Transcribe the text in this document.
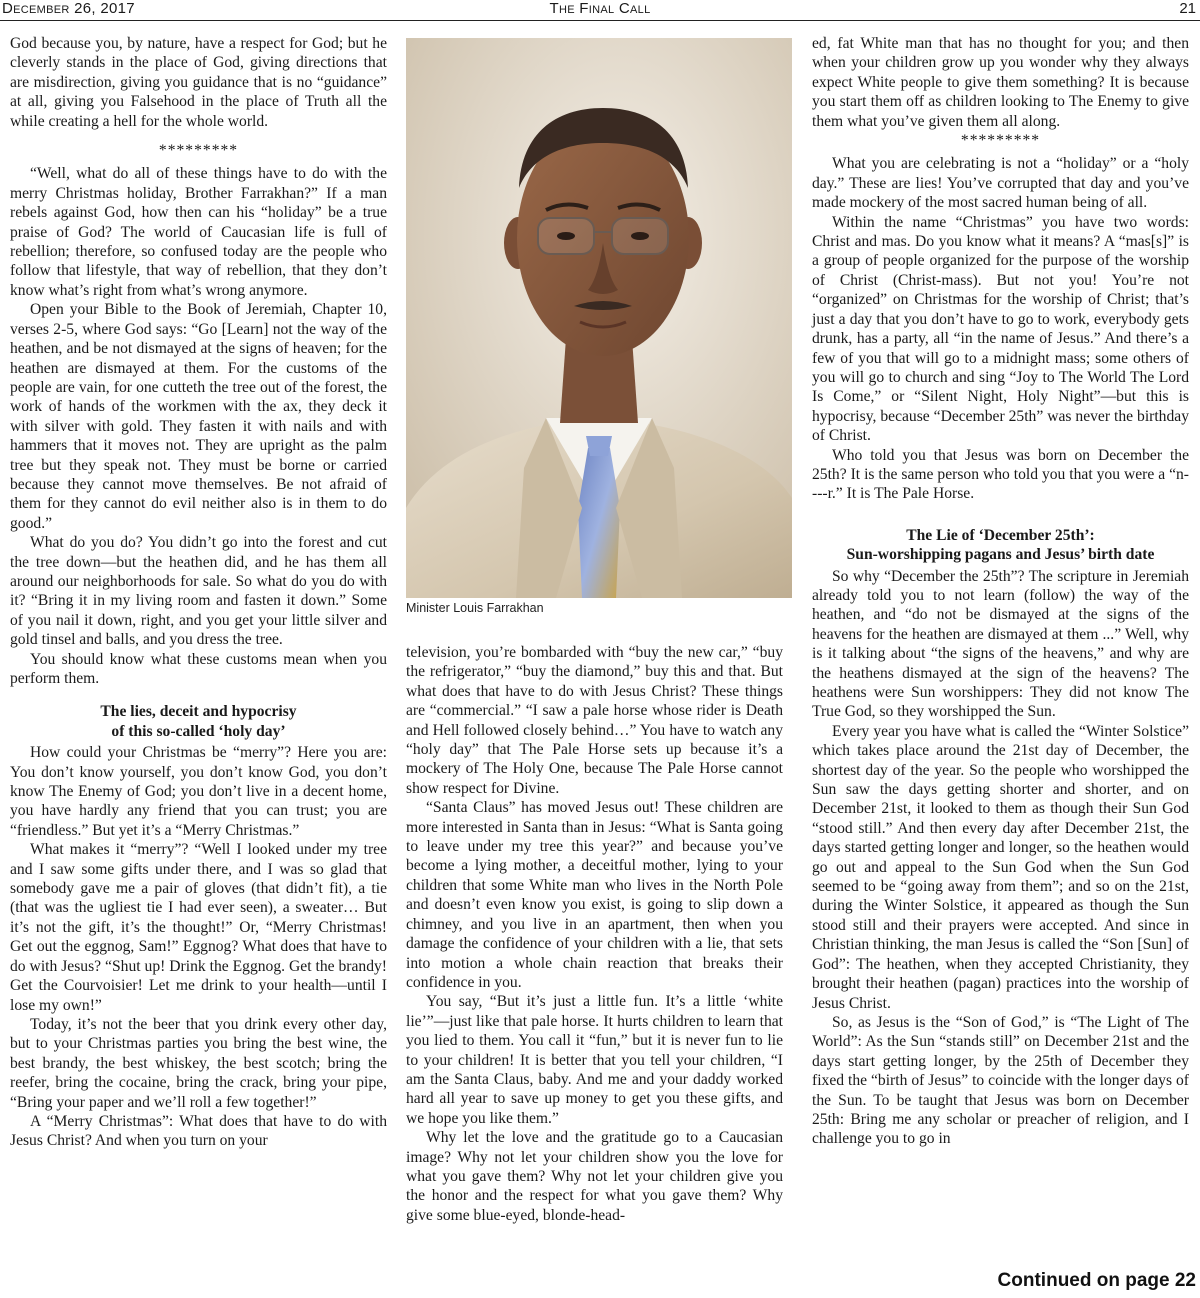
December 26, 2017	The Final Call	21

God because you, by nature, have a respect for God; but he cleverly stands in the place of God, giving directions that are misdirection, giving you guidance that is no “guidance” at all, giving you Falsehood in the place of Truth all the while creating a hell for the whole world.

*********

“Well, what do all of these things have to do with the merry Christmas holiday, Brother Farrakhan?” If a man rebels against God, how then can his “holiday” be a true praise of God? The world of Caucasian life is full of rebellion; therefore, so confused today are the people who follow that lifestyle, that way of rebellion, that they don’t know what’s right from what’s wrong anymore.

Open your Bible to the Book of Jeremiah, Chapter 10, verses 2-5, where God says: “Go [Learn] not the way of the heathen, and be not dismayed at the signs of heaven; for the heathen are dismayed at them. For the customs of the people are vain, for one cutteth the tree out of the forest, the work of hands of the workmen with the ax, they deck it with silver with gold. They fasten it with nails and with hammers that it moves not. They are upright as the palm tree but they speak not. They must be borne or carried because they cannot move themselves. Be not afraid of them for they cannot do evil neither also is in them to do good.”

What do you do? You didn’t go into the forest and cut the tree down—but the heathen did, and he has them all around our neighborhoods for sale. So what do you do with it? “Bring it in my living room and fasten it down.” Some of you nail it down, right, and you get your little silver and gold tinsel and balls, and you dress the tree.

You should know what these customs mean when you perform them.

The lies, deceit and hypocrisy
of this so-called ‘holy day’

How could your Christmas be “merry”? Here you are: You don’t know yourself, you don’t know God, you don’t know The Enemy of God; you don’t live in a decent home, you have hardly any friend that you can trust; you are “friendless.” But yet it’s a “Merry Christmas.”

What makes it “merry”? “Well I looked under my tree and I saw some gifts under there, and I was so glad that somebody gave me a pair of gloves (that didn’t fit), a tie (that was the ugliest tie I had ever seen), a sweater… But it’s not the gift, it’s the thought!” Or, “Merry Christmas! Get out the eggnog, Sam!” Eggnog? What does that have to do with Jesus? “Shut up! Drink the Eggnog. Get the brandy! Get the Courvoisier! Let me drink to your health—until I lose my own!”

Today, it’s not the beer that you drink every other day, but to your Christmas parties you bring the best wine, the best brandy, the best whiskey, the best scotch; bring the reefer, bring the cocaine, bring the crack, bring your pipe, “Bring your paper and we’ll roll a few together!”

A “Merry Christmas”: What does that have to do with Jesus Christ? And when you turn on your

Minister Louis Farrakhan

television, you’re bombarded with “buy the new car,” “buy the refrigerator,” “buy the diamond,” buy this and that. But what does that have to do with Jesus Christ? These things are “commercial.” “I saw a pale horse whose rider is Death and Hell followed closely behind…” You have to watch any “holy day” that The Pale Horse sets up because it’s a mockery of The Holy One, because The Pale Horse cannot show respect for Divine.

“Santa Claus” has moved Jesus out! These children are more interested in Santa than in Jesus: “What is Santa going to leave under my tree this year?” and because you’ve become a lying mother, a deceitful mother, lying to your children that some White man who lives in the North Pole and doesn’t even know you exist, is going to slip down a chimney, and you live in an apartment, then when you damage the confidence of your children with a lie, that sets into motion a whole chain reaction that breaks their confidence in you.

You say, “But it’s just a little fun. It’s a little ‘white lie’”—just like that pale horse. It hurts children to learn that you lied to them. You call it “fun,” but it is never fun to lie to your children! It is better that you tell your children, “I am the Santa Claus, baby. And me and your daddy worked hard all year to save up money to get you these gifts, and we hope you like them.”

Why let the love and the gratitude go to a Caucasian image? Why not let your children show you the love for what you gave them? Why not let your children give you the honor and the respect for what you gave them? Why give some blue-eyed, blonde-head-

ed, fat White man that has no thought for you; and then when your children grow up you wonder why they always expect White people to give them something? It is because you start them off as children looking to The Enemy to give them what you’ve given them all along.

*********

What you are celebrating is not a “holiday” or a “holy day.” These are lies! You’ve corrupted that day and you’ve made mockery of the most sacred human being of all.

Within the name “Christmas” you have two words: Christ and mas. Do you know what it means? A “mas[s]” is a group of people organized for the purpose of the worship of Christ (Christ-mass). But not you! You’re not “organized” on Christmas for the worship of Christ; that’s just a day that you don’t have to go to work, everybody gets drunk, has a party, all “in the name of Jesus.” And there’s a few of you that will go to a midnight mass; some others of you will go to church and sing “Joy to The World The Lord Is Come,” or “Silent Night, Holy Night”—but this is hypocrisy, because “December 25th” was never the birthday of Christ.

Who told you that Jesus was born on December the 25th? It is the same person who told you that you were a “n----r.” It is The Pale Horse.

The Lie of ‘December 25th’:
Sun-worshipping pagans and Jesus’ birth date

So why “December the 25th”? The scripture in Jeremiah already told you to not learn (follow) the way of the heathen, and “do not be dismayed at the signs of the heavens for the heathen are dismayed at them ...” Well, why is it talking about “the signs of the heavens,” and why are the heathens dismayed at the sign of the heavens? The heathens were Sun worshippers: They did not know The True God, so they worshipped the Sun.

Every year you have what is called the “Winter Solstice” which takes place around the 21st day of December, the shortest day of the year. So the people who worshipped the Sun saw the days getting shorter and shorter, and on December 21st, it looked to them as though their Sun God “stood still.” And then every day after December 21st, the days started getting longer and longer, so the heathen would go out and appeal to the Sun God when the Sun God seemed to be “going away from them”; and so on the 21st, during the Winter Solstice, it appeared as though the Sun stood still and their prayers were accepted. And since in Christian thinking, the man Jesus is called the “Son [Sun] of God”: The heathen, when they accepted Christianity, they brought their heathen (pagan) practices into the worship of Jesus Christ.

So, as Jesus is the “Son of God,” is “The Light of The World”: As the Sun “stands still” on December 21st and the days start getting longer, by the 25th of December they fixed the “birth of Jesus” to coincide with the longer days of the Sun. To be taught that Jesus was born on December 25th: Bring me any scholar or preacher of religion, and I challenge you to go in

Continued on page 22
